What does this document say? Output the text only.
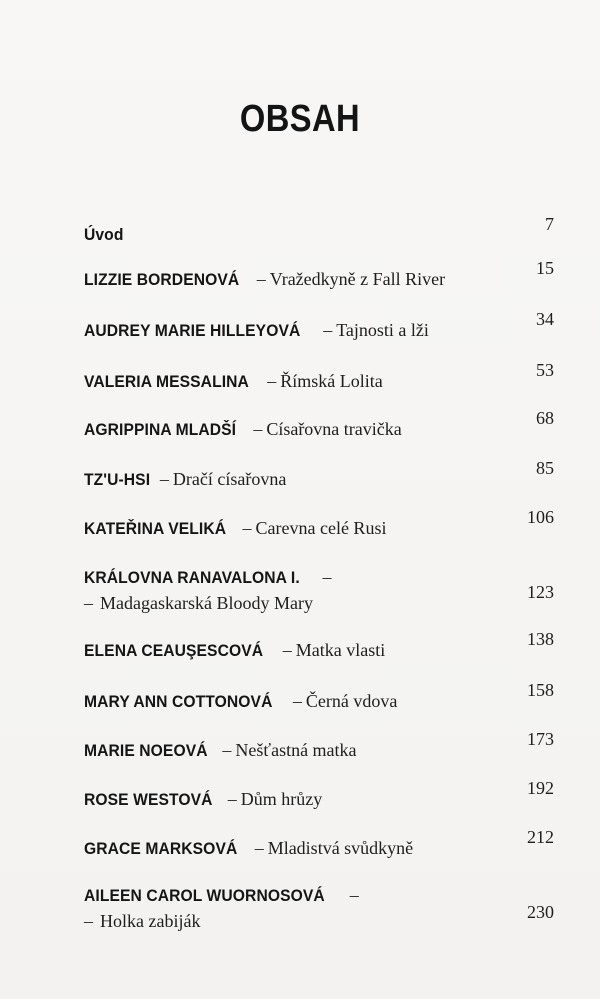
OBSAH
Úvod
7
LIZZIE BORDENOVÁ – Vražedkyně z Fall River
15
AUDREY MARIE HILLEYOVÁ – Tajnosti a lži
34
VALERIA MESSALINA – Římská Lolita
53
AGRIPPINA MLADŠÍ – Císařovna travička
68
TZ'U-HSI – Dračí císařovna
85
KATEŘINA VELIKÁ – Carevna celé Rusi
106
KRÁLOVNA RANAVALONA I. –
– Madagaskarská Bloody Mary
123
ELENA CEAUŞESCOVÁ – Matka vlasti
138
MARY ANN COTTONOVÁ – Černá vdova
158
MARIE NOEOVÁ – Nešťastná matka
173
ROSE WESTOVÁ – Dům hrůzy
192
GRACE MARKSOVÁ – Mladistvá svůdkyně
212
AILEEN CAROL WUORNOSOVÁ –
– Holka zabiják	230
